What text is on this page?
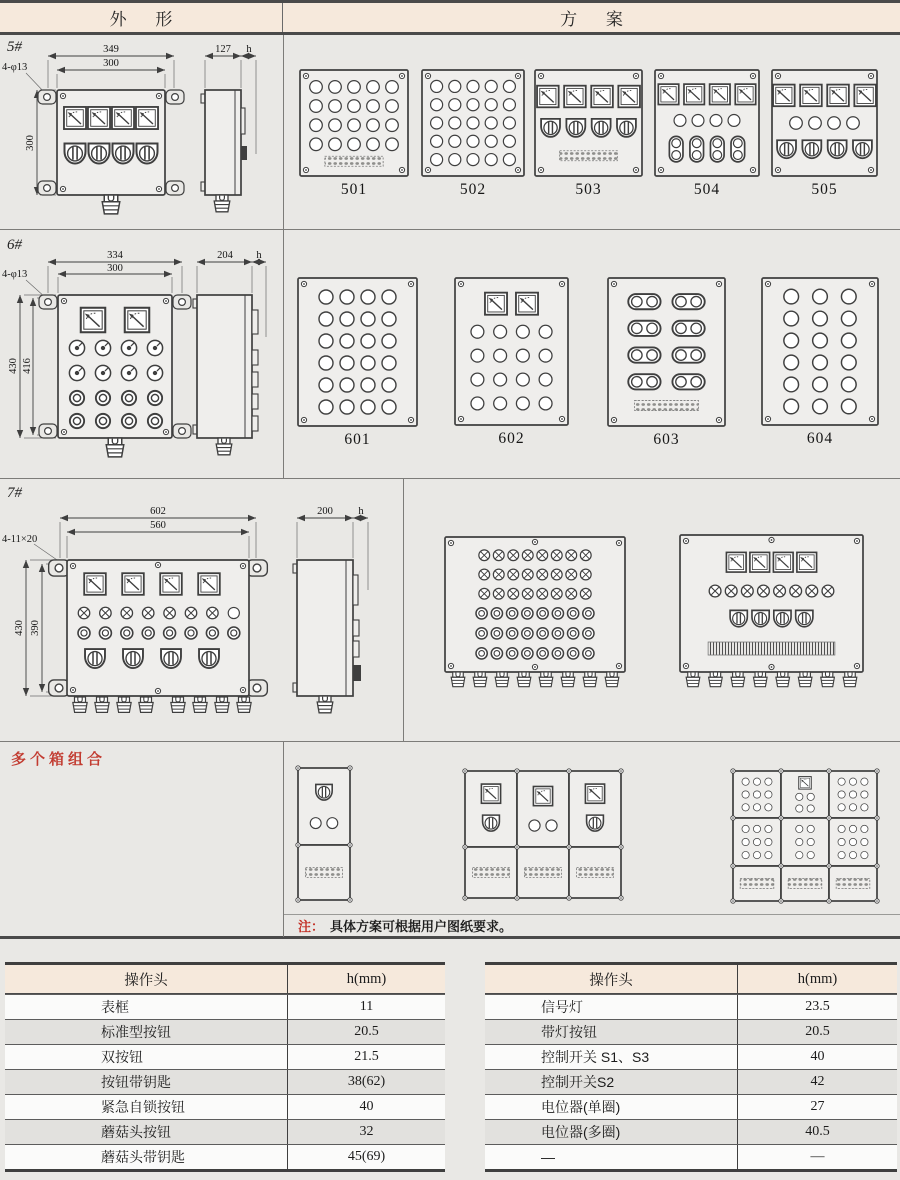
外 形	方 案
5#	349
300
4-φ13
300
127 h
6#
334
300
4-φ13
430 416
204 h
7#
602
560
4-11×20
430 390
200 h
501	502	503	504	505
601	602	603	604
多个箱组合
注： 具体方案可根据用户图纸要求。
操作头	h(mm)
表框	11
标准型按钮	20.5
双按钮	21.5
按钮带钥匙	38(62)
紧急自锁按钮	40
蘑菇头按钮	32
蘑菇头带钥匙	45(69)
操作头	h(mm)
信号灯	23.5
带灯按钮	20.5
控制开关 S1、S3	40
控制开关S2	42
电位器(单圈)	27
电位器(多圈)	40.5
—	—
